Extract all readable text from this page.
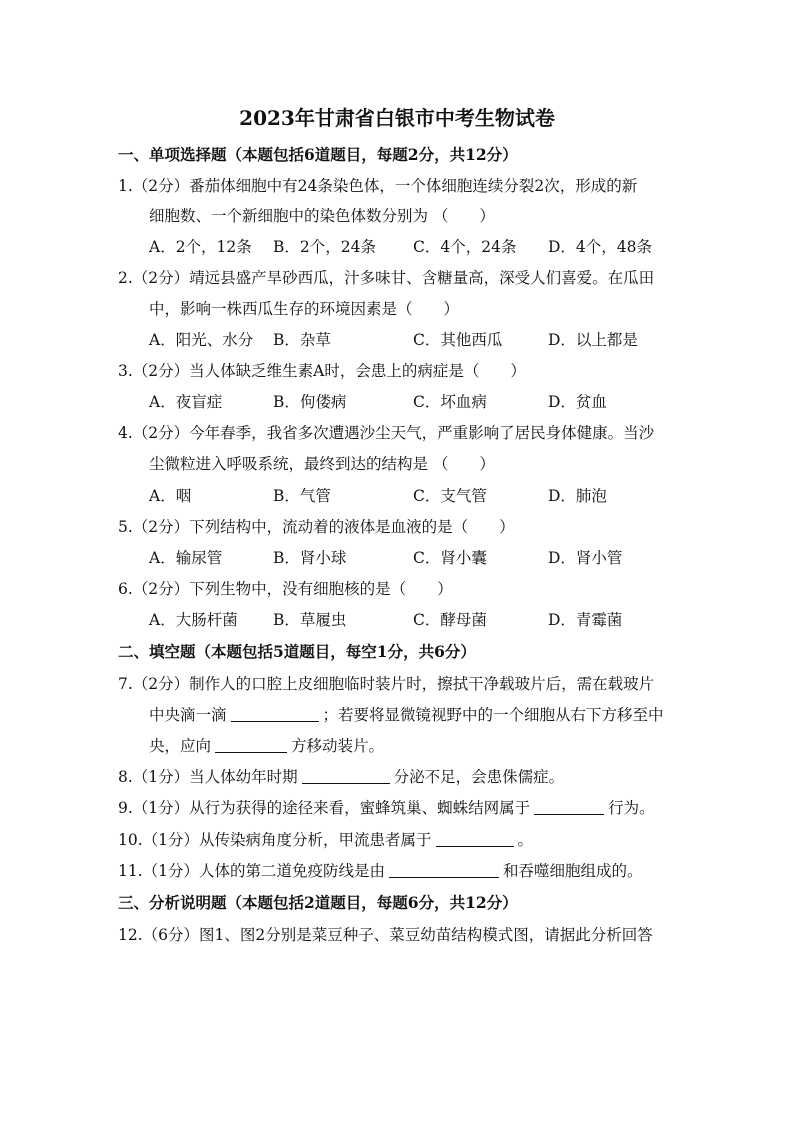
2023年甘肃省白银市中考生物试卷
一、单项选择题（本题包括6道题目，每题2分，共12分）
1.（2分）番茄体细胞中有24条染色体，一个体细胞连续分裂2次，形成的新
细胞数、一个新细胞中的染色体数分别为 （　　）
A．2个，12条 B．2个，24条 C．4个，24条 D．4个，48条
2.（2分）靖远县盛产旱砂西瓜，汁多味甘、含糖量高，深受人们喜爱。在瓜田
中，影响一株西瓜生存的环境因素是（　　）
A．阳光、水分 B．杂草	C．其他西瓜	D．以上都是
3.（2分）当人体缺乏维生素A时，会患上的病症是（　　）
A．夜盲症	B．佝偻病	C．坏血病	D．贫血
4.（2分）今年春季，我省多次遭遇沙尘天气，严重影响了居民身体健康。当沙
尘微粒进入呼吸系统，最终到达的结构是 （　　）
A．咽	B．气管	C．支气管	D．肺泡
5.（2分）下列结构中，流动着的液体是血液的是（　　）
A．输尿管	B．肾小球	C．肾小囊	D．肾小管
6.（2分）下列生物中，没有细胞核的是（　　）
A．大肠杆菌 B．草履虫	C．酵母菌	D．青霉菌
二、填空题（本题包括5道题目，每空1分，共6分）
7.（2分）制作人的口腔上皮细胞临时装片时，擦拭干净载玻片后，需在载玻片
中央滴一滴	；若要将显微镜视野中的一个细胞从右下方移至中
央，应向	方移动装片。
8.（1分）当人体幼年时期	分泌不足，会患侏儒症。
9.（1分）从行为获得的途径来看，蜜蜂筑巢、蜘蛛结网属于	行为。
10.（1分）从传染病角度分析，甲流患者属于	。
11.（1分）人体的第二道免疫防线是由	和吞噬细胞组成的。
三、分析说明题（本题包括2道题目，每题6分，共12分）
12.（6分）图1、图2分别是菜豆种子、菜豆幼苗结构模式图，请据此分析回答
